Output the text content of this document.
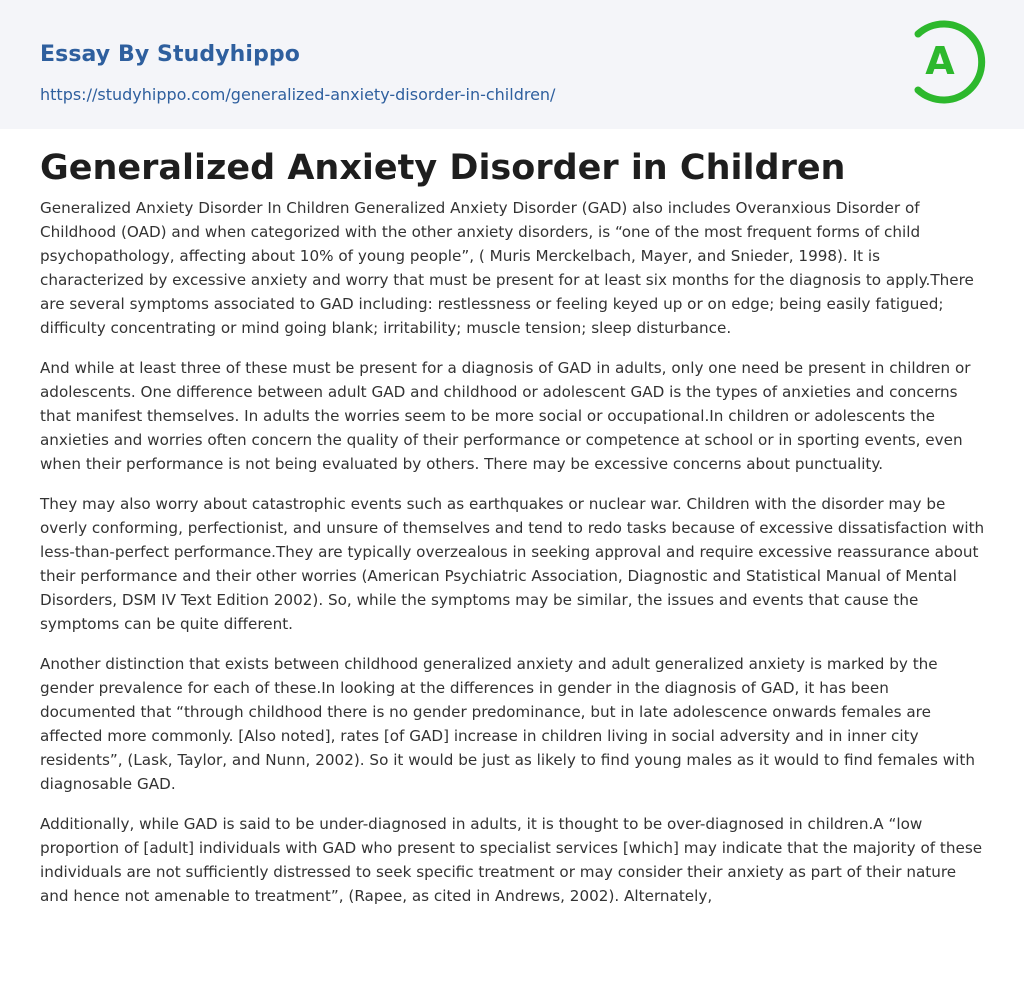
Essay By Studyhippo
https://studyhippo.com/generalized-anxiety-disorder-in-children/
A
Generalized Anxiety Disorder in Children

Generalized Anxiety Disorder In Children Generalized Anxiety Disorder (GAD) also includes Overanxious Disorder of Childhood (OAD) and when categorized with the other anxiety disorders, is “one of the most frequent forms of child psychopathology, affecting about 10% of young people”, ( Muris Merckelbach, Mayer, and Snieder, 1998). It is characterized by excessive anxiety and worry that must be present for at least six months for the diagnosis to apply.There are several symptoms associated to GAD including: restlessness or feeling keyed up or on edge; being easily fatigued; difficulty concentrating or mind going blank; irritability; muscle tension; sleep disturbance.

And while at least three of these must be present for a diagnosis of GAD in adults, only one need be present in children or adolescents. One difference between adult GAD and childhood or adolescent GAD is the types of anxieties and concerns that manifest themselves. In adults the worries seem to be more social or occupational.In children or adolescents the anxieties and worries often concern the quality of their performance or competence at school or in sporting events, even when their performance is not being evaluated by others. There may be excessive concerns about punctuality.

They may also worry about catastrophic events such as earthquakes or nuclear war. Children with the disorder may be overly conforming, perfectionist, and unsure of themselves and tend to redo tasks because of excessive dissatisfaction with less-than-perfect performance.They are typically overzealous in seeking approval and require excessive reassurance about their performance and their other worries (American Psychiatric Association, Diagnostic and Statistical Manual of Mental Disorders, DSM IV Text Edition 2002). So, while the symptoms may be similar, the issues and events that cause the symptoms can be quite different.

Another distinction that exists between childhood generalized anxiety and adult generalized anxiety is marked by the gender prevalence for each of these.In looking at the differences in gender in the diagnosis of GAD, it has been documented that “through childhood there is no gender predominance, but in late adolescence onwards females are affected more commonly. [Also noted], rates [of GAD] increase in children living in social adversity and in inner city residents”, (Lask, Taylor, and Nunn, 2002). So it would be just as likely to find young males as it would to find females with diagnosable GAD.

Additionally, while GAD is said to be under-diagnosed in adults, it is thought to be over-diagnosed in children.A “low proportion of [adult] individuals with GAD who present to specialist services [which] may indicate that the majority of these individuals are not sufficiently distressed to seek specific treatment or may consider their anxiety as part of their nature and hence not amenable to treatment”, (Rapee, as cited in Andrews, 2002). Alternately,
